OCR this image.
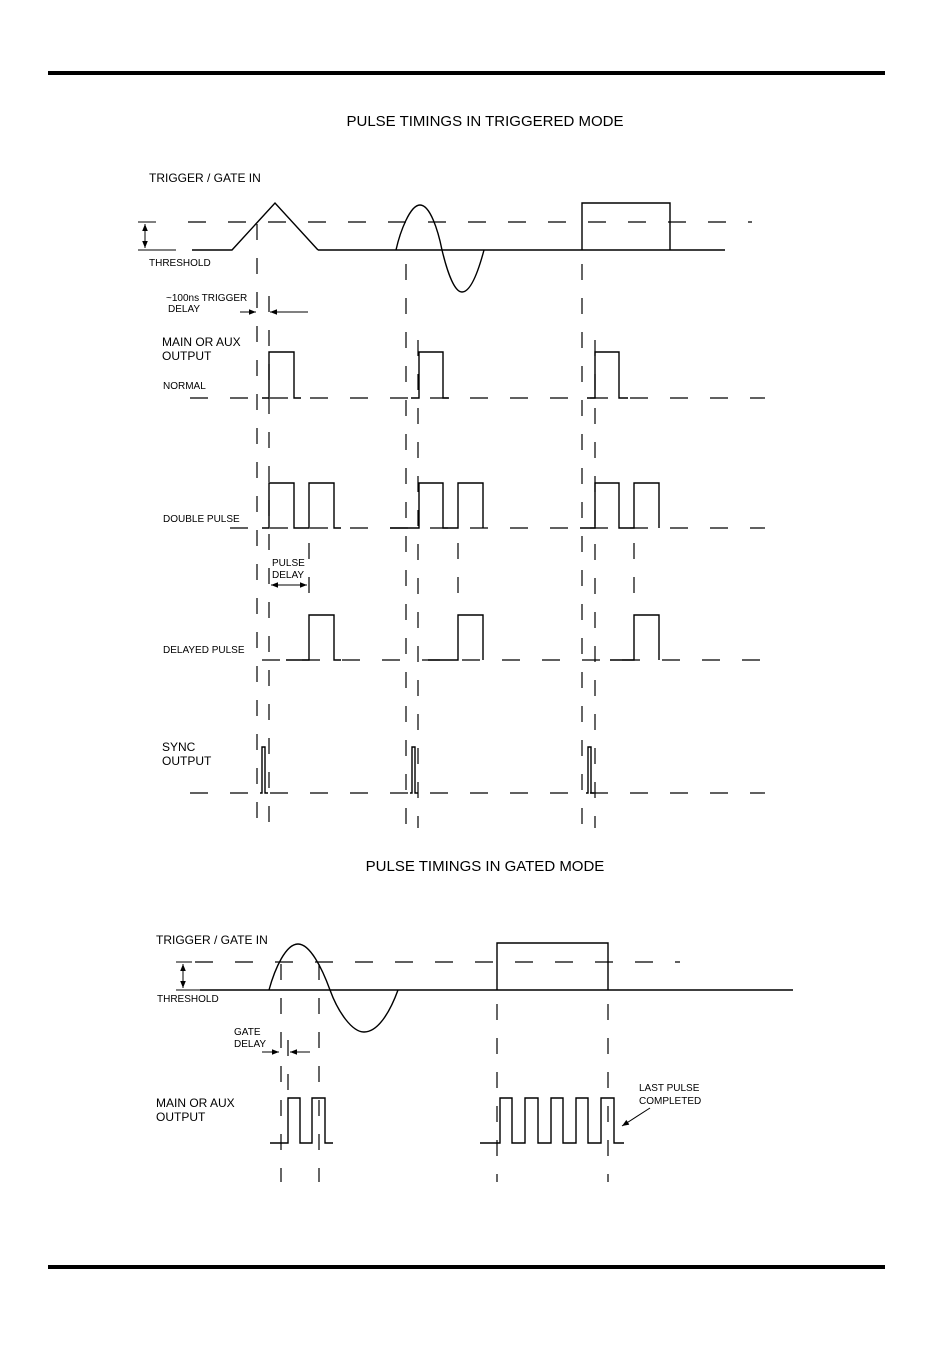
PULSE TIMINGS IN TRIGGERED MODE
TRIGGER / GATE IN
THRESHOLD
~100ns TRIGGER
DELAY
MAIN OR AUX
OUTPUT
NORMAL
DOUBLE PULSE
PULSE
DELAY
DELAYED PULSE
SYNC
OUTPUT
PULSE TIMINGS IN GATED MODE
TRIGGER / GATE IN
THRESHOLD
GATE
DELAY
MAIN OR AUX
OUTPUT
LAST PULSE
COMPLETED
